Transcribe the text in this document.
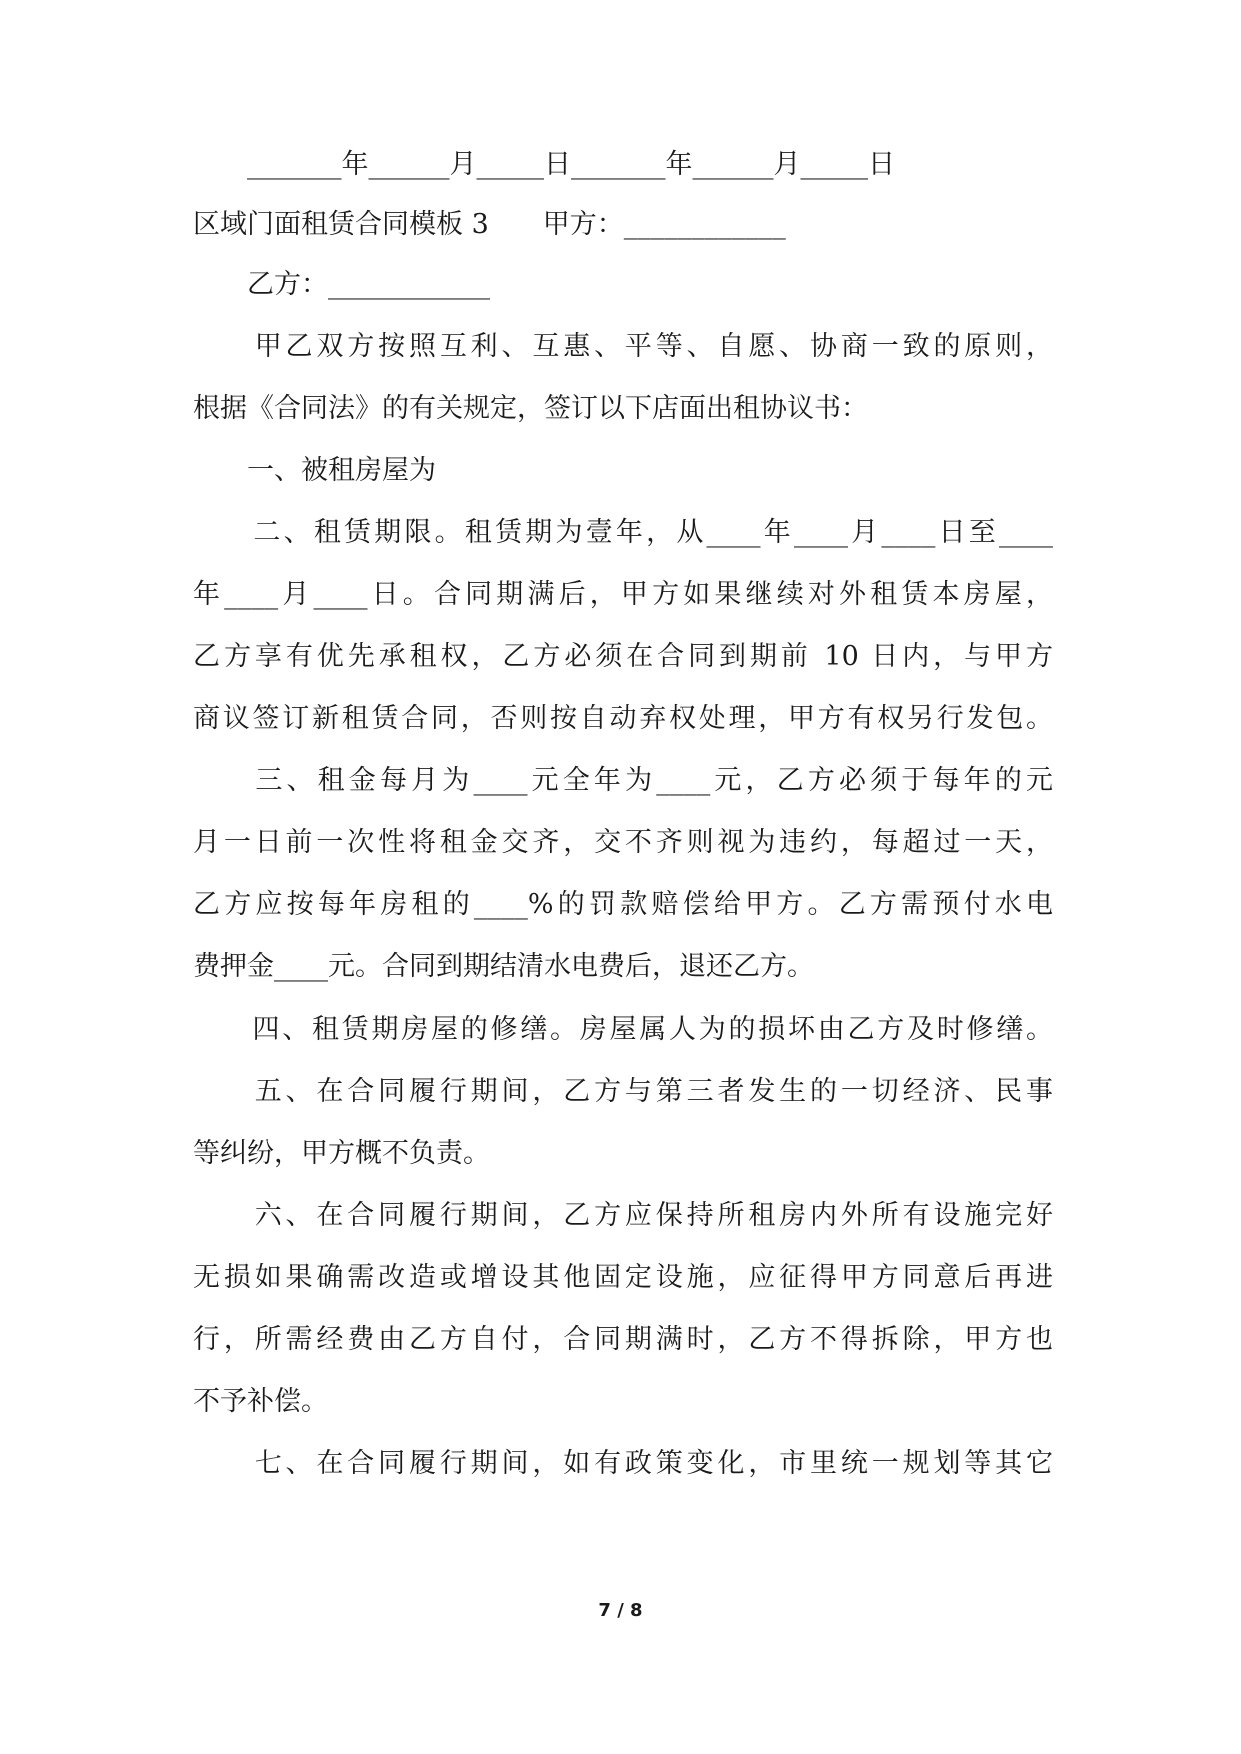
　　_______年______月_____日_______年______月_____日
区域门面租赁合同模板 3　　甲方：____________
　　乙方：____________
　　甲乙双方按照互利、互惠、平等、自愿、协商一致的原则，
根据《合同法》的有关规定，签订以下店面出租协议书：
　　一、被租房屋为
　　二、租赁期限。租赁期为壹年，从____年____月____日至____
年____月____日。合同期满后，甲方如果继续对外租赁本房屋，
乙方享有优先承租权，乙方必须在合同到期前 10 日内，与甲方
商议签订新租赁合同，否则按自动弃权处理，甲方有权另行发包。
　　三、租金每月为____元全年为____元，乙方必须于每年的元
月一日前一次性将租金交齐，交不齐则视为违约，每超过一天，
乙方应按每年房租的____%的罚款赔偿给甲方。乙方需预付水电
费押金____元。合同到期结清水电费后，退还乙方。
　　四、租赁期房屋的修缮。房屋属人为的损坏由乙方及时修缮。
　　五、在合同履行期间，乙方与第三者发生的一切经济、民事
等纠纷，甲方概不负责。
　　六、在合同履行期间，乙方应保持所租房内外所有设施完好
无损如果确需改造或增设其他固定设施，应征得甲方同意后再进
行，所需经费由乙方自付，合同期满时，乙方不得拆除，甲方也
不予补偿。
　　七、在合同履行期间，如有政策变化，市里统一规划等其它
7 / 8
